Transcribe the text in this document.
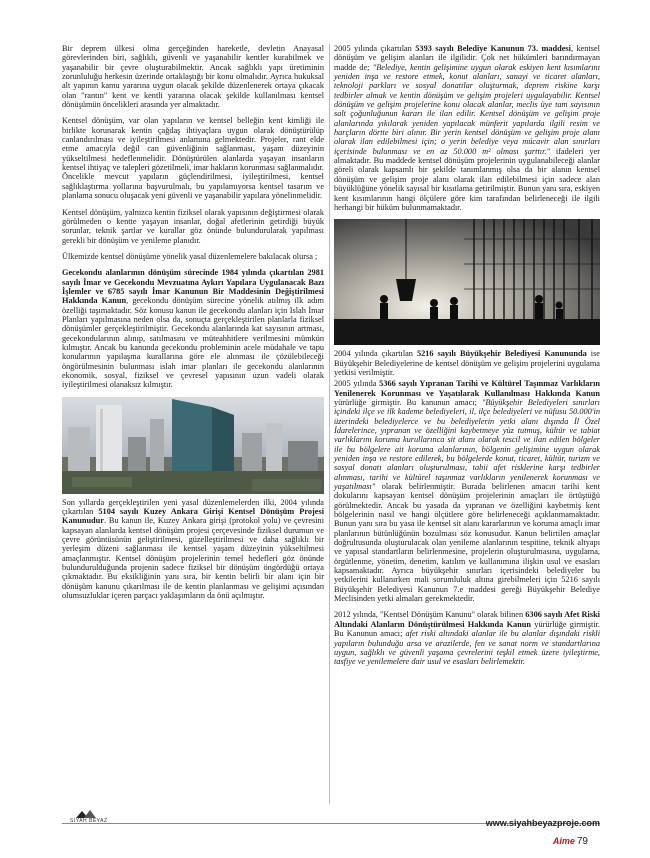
Bir deprem ülkesi olma gerçeğinden hareketle, devletin Anayasal görevlerinden biri, sağlıklı, güvenli ve yaşanabilir kentler kurabilmek ve yaşanabilir bir çevre oluşturabilmektir. Ancak sağlıklı yapı üretiminin zorunluluğu herkesin üzerinde ortaklaştığı bir konu olmalıdır. Ayrıca hukuksal alt yapının kamu yararına uygun olacak şekilde düzenlenerek ortaya çıkacak olan "rantın" kent ve kentli yararına olacak şekilde kullanılması kentsel dönüşümün öncelikleri arasında yer almaktadır.

Kentsel dönüşüm, var olan yapıların ve kentsel belleğin kent kimliği ile birlikte korunarak kentin çağdaş ihtiyaçlara uygun olarak dönüştürülüp canlandırılması ve iyileştirilmesi anlamına gelmektedir. Projeler, rant elde etme amacıyla değil can güvenliğinin sağlanması, yaşam düzeyinin yükseltilmesi hedeflenmelidir. Dönüştürülen alanlarda yaşayan insanların kentsel ihtiyaç ve talepleri gözetilmeli, imar hakların korunması sağlanmalıdır. Öncelikle mevcut yapıların güçlendirilmesi, iyileştirilmesi, kentsel sağlıklaştırma yollarına başvurulmalı, bu yapılamıyorsa kentsel tasarım ve planlama sonucu oluşacak yeni güvenli ve yaşanabilir yapılara yönelinmelidir.

Kentsel dönüşüm, yalnızca kentin fiziksel olarak yapısının değiştirmesi olarak görülmeden o kentte yaşayan insanlar, doğal afetlerinin getirdiği büyük sorunlar, teknik şartlar ve kurallar göz önünde bulundurularak yapılması gerekli bir dönüşüm ve yenileme planıdır.

Ülkemizde kentsel dönüşüme yönelik yasal düzenlemelere bakılacak olursa ;

Gecekondu alanlarının dönüşüm sürecinde 1984 yılında çıkartılan 2981 sayılı İmar ve Gecekondu Mevzuatına Aykırı Yapılara Uygulanacak Bazı İşlemler ve 6785 sayılı İmar Kanunun Bir Maddesinin Değiştirilmesi Hakkında Kanun, gecekondu dönüşüm sürecine yönelik atılmış ilk adım özelliği taşımaktadır. Söz konusu kanun ile gecekondu alanları için Islah İmar Planları yapılmasına neden olsa da, sonuçta gerçekleştirilen planlarla fiziksel dönüşümler gerçekleştirilmiştir. Gecekondu alanlarında kat sayısının artması, gecekondularının alınıp, satılmasını ve müteahhitlere verilmesini mümkün kılmıştır. Ancak bu kanunda gecekondu probleminin acele müdahale ve tapu konularının yapılaşma kurallarına göre ele alınması ile çözülebileceği öngörülmesinin bulunması islah imar planları ile gecekondu alanlarının ekonomik, sosyal, fiziksel ve çevresel yapısının uzun vadeli olarak iyileştirilmesi olanaksız kılmıştır.

Son yıllarda gerçekleştirilen yeni yasal düzenlemelerden ilki, 2004 yılında çıkartılan 5104 sayılı Kuzey Ankara Girişi Kentsel Dönüşüm Projesi Kanunudur. Bu kanun ile, Kuzey Ankara girişi (protokol yolu) ve çevresini kapsayan alanlarda kentsel dönüşüm projesi çerçevesinde fiziksel durumun ve çevre görüntüsünün geliştirilmesi, güzelleştirilmesi ve daha sağlıklı bir yerleşim düzeni sağlanması ile kentsel yaşam düzeyinin yükseltilmesi amaçlanmıştır. Kentsel dönüşüm projelerinin temel hedefleri göz önünde bulundurulduğunda projenin sadece fiziksel bir dönüşüm öngördüğü ortaya çıkmaktadır. Bu eksikliğinin yanı sıra, bir kentin belirli bir alanı için bir dönüşüm kanunu çıkarılması ile de kentin planlanması ve gelişimi açısından olumsuzluklar içeren parçacı yaklaşımların da önü açılmıştır.

2005 yılında çıkartılan 5393 sayılı Belediye Kanunun 73. maddesi, kentsel dönüşüm ve gelişim alanları ile ilgilidir. Çok net hükümleri barındırmayan madde de; "Belediye, kentin gelişimine uygun olarak eskiyen kent kısımlarını yeniden inşa ve restore etmek, konut alanları, sanayi ve ticaret alanları, teknoloji parkları ve sosyal donatılar oluşturmak, deprem riskine karşı tedbirler almak ve kentin dönüşüm ve gelişim projeleri uygulayabilir. Kentsel dönüşüm ve gelişim projelerine konu olacak alanlar, meclis üye tam sayısının salt çoğunluğunun kararı ile ilan edilir. Kentsel dönüşüm ve gelişim proje alanlarında yıkılarak yeniden yapılacak münferit yapılarda ilgili resim ve harçların dörtte biri alınır. Bir yerin kentsel dönüşüm ve gelişim proje alanı olarak ilan edilebilmesi için; o yerin belediye veya mücavir alan sınırları içerisinde bulunması ve en az 50.000 m² olması şarttır." ifadeleri yer almaktadır. Bu maddede kentsel dönüşüm projelerinin uygulanabileceği alanlar göreli olarak kapsamlı bir şekilde tanımlanmış olsa da bir alanın kentsel dönüşüm ve gelişim proje alanı olarak ilan edilebilmesi için sadece alan büyüklüğüne yönelik sayısal bir kısıtlama getirilmiştir. Bunun yanı sıra, eskiyen kent kısımlarının hangi ölçülere göre kim tarafından belirleneceği ile ilgili herhangi bir hüküm bulunmamaktadır.

2004 yılında çıkartılan 5216 sayılı Büyükşehir Belediyesi Kanununda ise Büyükşehir Belediyelerine de kentsel dönüşüm ve gelişim projelerini uygulama yetkisi verilmiştir.

2005 yılında 5366 sayılı Yıpranan Tarihi ve Kültürel Taşınmaz Varlıkların Yenilenerek Korunması ve Yaşatılarak Kullanılması Hakkında Kanun yürürlüğe girmiştir. Bu kanunun amacı; "Büyükşehir Belediyeleri sınırları içindeki ilçe ve ilk kademe belediyeleri, il, ilçe belediyeleri ve nüfusu 50.000'in üzerindeki belediyelerce ve bu belediyelerin yetki alanı dışında İl Özel İdarelerince, yıpranan ve özelliğini kaybetmeye yüz tutmuş, kültür ve tabiat varlıklarını koruma kurullarınca sit alanı olarak tescil ve ilan edilen bölgeler ile bu bölgelere ait koruma alanlarının, bölgenin gelişimine uygun olarak yeniden inşa ve restore edilerek, bu bölgelerde konut, ticaret, kültür, turizm ve sosyal donatı alanları oluşturulması, tabii afet risklerine karşı tedbirler alınması, tarihi ve kültürel taşınmaz varlıkların yenilenerek korunması ve yaşatılması" olarak belirlenmiştir. Burada belirlenen amacın tarihi kent dokularını kapsayan kentsel dönüşüm projelerinin amaçları ile örtüştüğü görülmektedir. Ancak bu yasada da yıpranan ve özelliğini kaybetmiş kent bölgelerinin nasıl ve hangi ölçütlere göre belirleneceği açıklanmamaktadır. Bunun yanı sıra bu yasa ile kentsel sit alanı kararlarının ve koruma amaçlı imar planlarının bütünlüğünün bozulması söz konusudur. Kanun belirtilen amaçlar doğrultusunda oluşturulacak olan yenileme alanlarının tespitine, teknik altyapı ve yapısal standartların belirlenmesine, projelerin oluşturulmasına, uygulama, örgütlenme, yönetim, denetim, katılım ve kullanımına ilişkin usul ve esasları kapsamaktadır. Ayrıca büyükşehir sınırları içerisindeki belediyeler bu yetkilerini kullanırken mali sorumluluk altına girebilmeleri için 5216 sayılı Büyükşehir Belediyesi Kanunun 7.e maddesi gereği Büyükşehir Belediye Meclisinden yetki almaları gerekmektedir.

2012 yılında, "Kentsel Dönüşüm Kanunu" olarak bilinen 6306 sayılı Afet Riski Altındaki Alanların Dönüştürülmesi Hakkında Kanun yürürlüğe girmiştir. Bu Kanunun amacı; afet riski altındaki alanlar ile bu alanlar dışındaki riskli yapıların bulunduğu arsa ve arazilerde, fen ve sanat norm ve standartlarına uygun, sağlıklı ve güvenli yaşama çevrelerini teşkil etmek üzere iyileştirme, tasfiye ve yenilemelere dair usul ve esasları belirlemektir.

SİYAH BEYAZ	www.siyahbeyazproje.com
Aime 79
